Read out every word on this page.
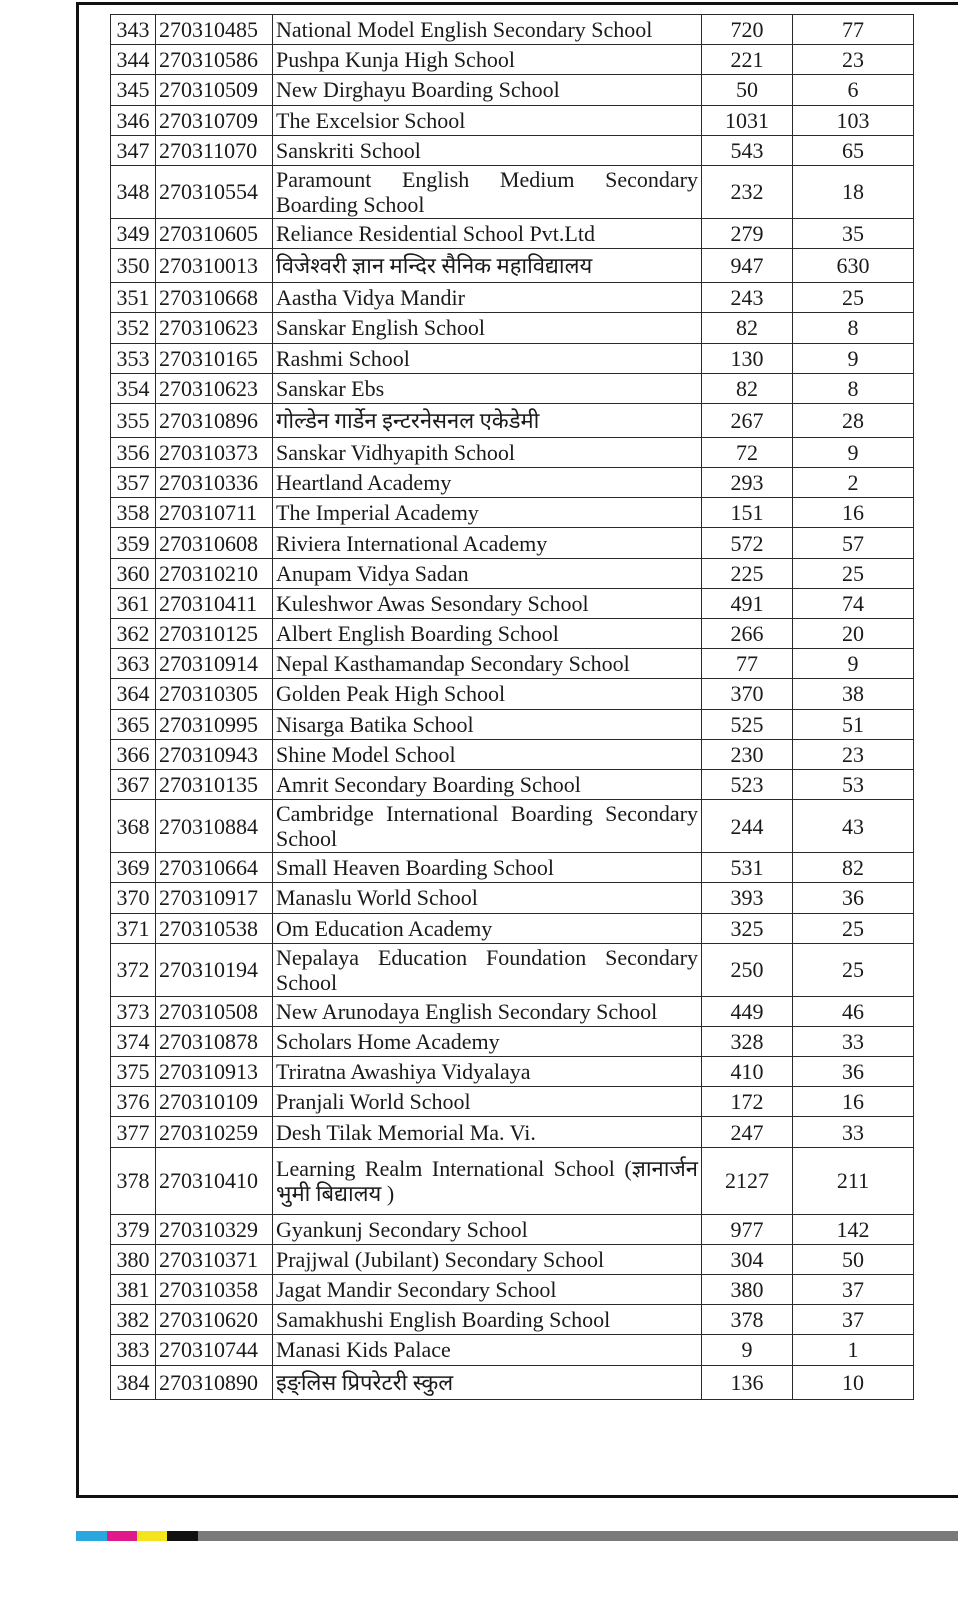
343	270310485	National Model English Secondary School	720	77
344	270310586	Pushpa Kunja High School	221	23
345	270310509	New Dirghayu Boarding School	50	6
346	270310709	The Excelsior School	1031	103
347	270311070	Sanskriti School	543	65
348	270310554	Paramount English Medium Secondary Boarding School	232	18
349	270310605	Reliance Residential School Pvt.Ltd	279	35
350	270310013	विजेश्वरी ज्ञान मन्दिर सैनिक महाविद्यालय	947	630
351	270310668	Aastha Vidya Mandir	243	25
352	270310623	Sanskar English School	82	8
353	270310165	Rashmi School	130	9
354	270310623	Sanskar Ebs	82	8
355	270310896	गोल्डेन गार्डेन इन्टरनेसनल एकेडेमी	267	28
356	270310373	Sanskar Vidhyapith School	72	9
357	270310336	Heartland Academy	293	2
358	270310711	The Imperial Academy	151	16
359	270310608	Riviera International Academy	572	57
360	270310210	Anupam Vidya Sadan	225	25
361	270310411	Kuleshwor Awas Sesondary School	491	74
362	270310125	Albert English Boarding School	266	20
363	270310914	Nepal Kasthamandap Secondary School	77	9
364	270310305	Golden Peak High School	370	38
365	270310995	Nisarga Batika School	525	51
366	270310943	Shine Model School	230	23
367	270310135	Amrit Secondary Boarding School	523	53
368	270310884	Cambridge International Boarding Secondary School	244	43
369	270310664	Small Heaven Boarding School	531	82
370	270310917	Manaslu World School	393	36
371	270310538	Om Education Academy	325	25
372	270310194	Nepalaya Education Foundation Secondary School	250	25
373	270310508	New Arunodaya English Secondary School	449	46
374	270310878	Scholars Home Academy	328	33
375	270310913	Triratna Awashiya Vidyalaya	410	36
376	270310109	Pranjali World School	172	16
377	270310259	Desh Tilak Memorial Ma. Vi.	247	33
378	270310410	Learning Realm International School (ज्ञानार्जन भुमी बिद्यालय )	2127	211
379	270310329	Gyankunj Secondary School	977	142
380	270310371	Prajjwal (Jubilant) Secondary School	304	50
381	270310358	Jagat Mandir Secondary School	380	37
382	270310620	Samakhushi English Boarding School	378	37
383	270310744	Manasi Kids Palace	9	1
384	270310890	इङ्लिस प्रिपरेटरी स्कुल	136	10
